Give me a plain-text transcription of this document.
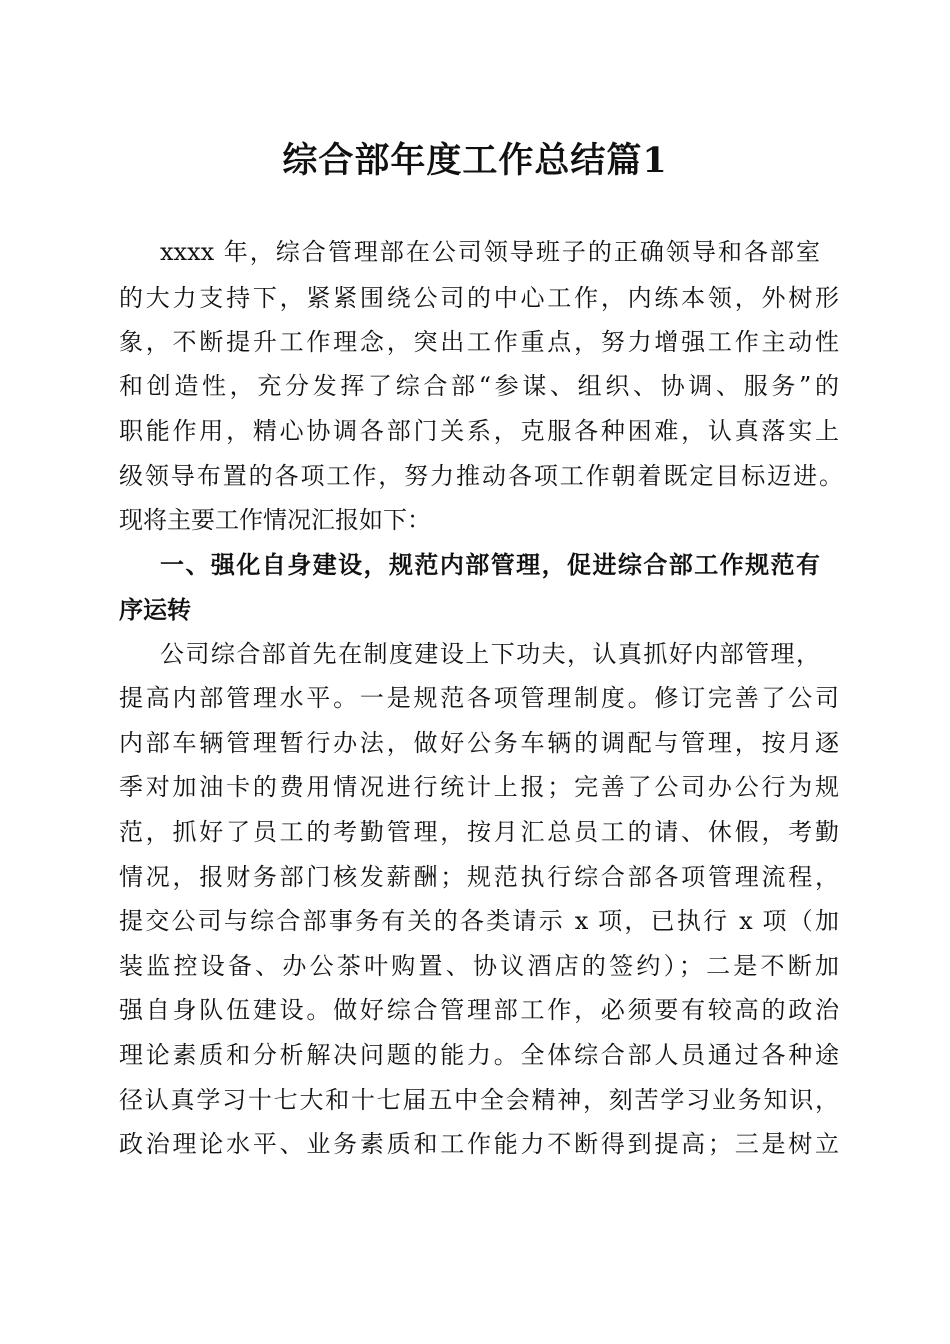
综合部年度工作总结篇1
xxxx 年，综合管理部在公司领导班子的正确领导和各部室
的大力支持下，紧紧围绕公司的中心工作，内练本领，外树形
象，不断提升工作理念，突出工作重点，努力增强工作主动性
和创造性，充分发挥了综合部“参谋、组织、协调、服务”的
职能作用，精心协调各部门关系，克服各种困难，认真落实上
级领导布置的各项工作，努力推动各项工作朝着既定目标迈进。
现将主要工作情况汇报如下：
一、强化自身建设，规范内部管理，促进综合部工作规范有
序运转
公司综合部首先在制度建设上下功夫，认真抓好内部管理，
提高内部管理水平。一是规范各项管理制度。修订完善了公司
内部车辆管理暂行办法，做好公务车辆的调配与管理，按月逐
季对加油卡的费用情况进行统计上报；完善了公司办公行为规
范，抓好了员工的考勤管理，按月汇总员工的请、休假，考勤
情况，报财务部门核发薪酬；规范执行综合部各项管理流程，
提交公司与综合部事务有关的各类请示 x 项，已执行 x 项（加
装监控设备、办公茶叶购置、协议酒店的签约）；二是不断加
强自身队伍建设。做好综合管理部工作，必须要有较高的政治
理论素质和分析解决问题的能力。全体综合部人员通过各种途
径认真学习十七大和十七届五中全会精神，刻苦学习业务知识，
政治理论水平、业务素质和工作能力不断得到提高；三是树立
